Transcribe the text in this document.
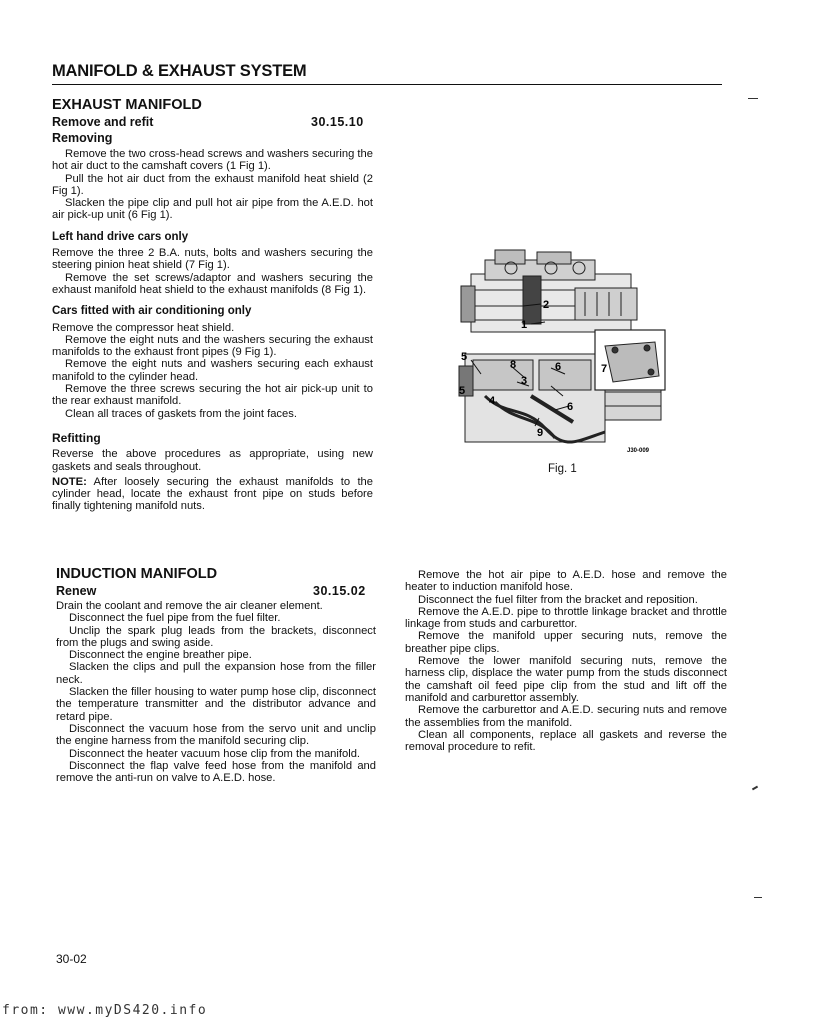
MANIFOLD & EXHAUST SYSTEM
EXHAUST MANIFOLD
Remove and refit	30.15.10
Removing

Remove the two cross-head screws and washers securing the hot air duct to the camshaft covers (1 Fig 1).

Pull the hot air duct from the exhaust manifold heat shield (2 Fig 1).

Slacken the pipe clip and pull hot air pipe from the A.E.D. hot air pick-up unit (6 Fig 1).

Left hand drive cars only

Remove the three 2 B.A. nuts, bolts and washers securing the steering pinion heat shield (7 Fig 1).

Remove the set screws/adaptor and washers securing the exhaust manifold heat shield to the exhaust manifolds (8 Fig 1).

Cars fitted with air conditioning only

Remove the compressor heat shield.

Remove the eight nuts and the washers securing the exhaust manifolds to the exhaust front pipes (9 Fig 1).

Remove the eight nuts and washers securing each exhaust manifold to the cylinder head.

Remove the three screws securing the hot air pick-up unit to the rear exhaust manifold.

Clean all traces of gaskets from the joint faces.

Refitting

Reverse the above procedures as appropriate, using new gaskets and seals throughout.

NOTE: After loosely securing the exhaust manifolds to the cylinder head, locate the exhaust front pipe on studs before finally tightening manifold nuts.

2
1
5
8
3
5
4
6
6
7
9
J30-009
Fig. 1
INDUCTION MANIFOLD
Renew	30.15.02

Drain the coolant and remove the air cleaner element.

Disconnect the fuel pipe from the fuel filter.

Unclip the spark plug leads from the brackets, disconnect from the plugs and swing aside.

Disconnect the engine breather pipe.

Slacken the clips and pull the expansion hose from the filler neck.

Slacken the filler housing to water pump hose clip, disconnect the temperature transmitter and the distributor advance and retard pipe.

Disconnect the vacuum hose from the servo unit and unclip the engine harness from the manifold securing clip.

Disconnect the heater vacuum hose clip from the manifold.

Disconnect the flap valve feed hose from the manifold and remove the anti-run on valve to A.E.D. hose.

Remove the hot air pipe to A.E.D. hose and remove the heater to induction manifold hose.

Disconnect the fuel filter from the bracket and reposition.

Remove the A.E.D. pipe to throttle linkage bracket and throttle linkage from studs and carburettor.

Remove the manifold upper securing nuts, remove the breather pipe clips.

Remove the lower manifold securing nuts, remove the harness clip, displace the water pump from the studs disconnect the camshaft oil feed pipe clip from the stud and lift off the manifold and carburettor assembly.

Remove the carburettor and A.E.D. securing nuts and remove the assemblies from the manifold.

Clean all components, replace all gaskets and reverse the removal procedure to refit.

30-02
from: www.myDS420.info
